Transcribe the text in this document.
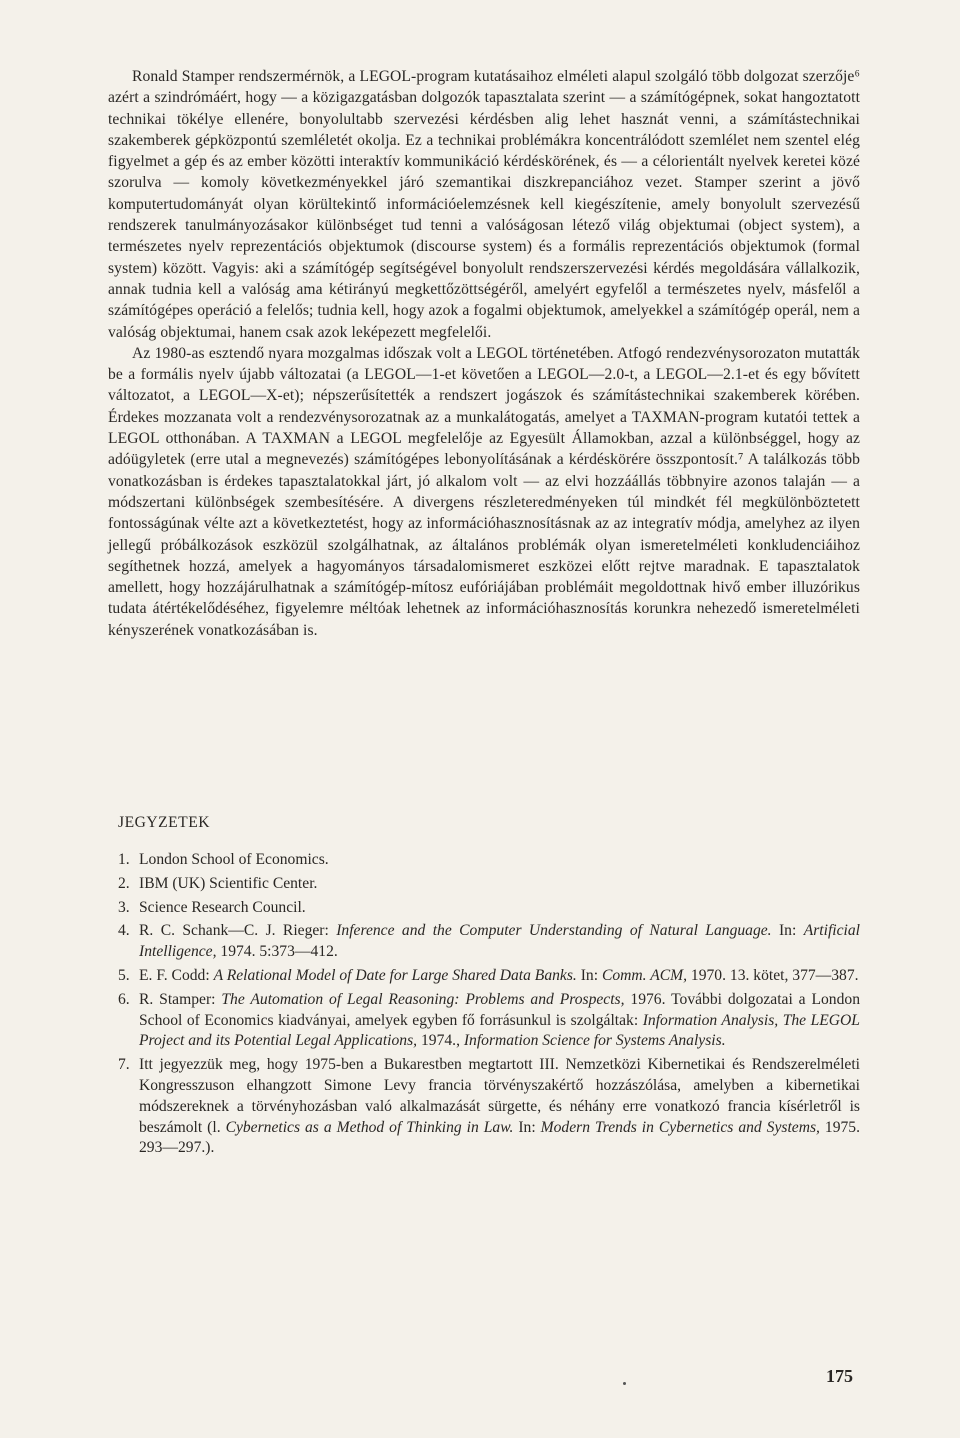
Ronald Stamper rendszermérnök, a LEGOL-program kutatásaihoz elméleti alapul szolgáló több dolgozat szerzője⁶ azért a szindrómáért, hogy — a közigazgatásban dolgozók tapasztalata szerint — a számítógépnek, sokat hangoztatott technikai tökélye ellenére, bonyolultabb szervezési kérdésben alig lehet hasznát venni, a számítástechnikai szakemberek gépközpontú szemléletét okolja. Ez a technikai problémákra koncentrálódott szemlélet nem szentel elég figyelmet a gép és az ember közötti interaktív kommunikáció kérdéskörének, és — a célorientált nyelvek keretei közé szorulva — komoly következményekkel járó szemantikai diszkrepanciához vezet. Stamper szerint a jövő komputertudományát olyan körültekintő információelemzésnek kell kiegészítenie, amely bonyolult szervezésű rendszerek tanulmányozásakor különbséget tud tenni a valóságosan létező világ objektumai (object system), a természetes nyelv reprezentációs objektumok (discourse system) és a formális reprezentációs objektumok (formal system) között. Vagyis: aki a számítógép segítségével bonyolult rendszerszervezési kérdés megoldására vállalkozik, annak tudnia kell a valóság ama kétirányú megkettőzöttségéről, amelyért egyfelől a természetes nyelv, másfelől a számítógépes operáció a felelős; tudnia kell, hogy azok a fogalmi objektumok, amelyekkel a számítógép operál, nem a valóság objektumai, hanem csak azok leképezett megfelelői.

Az 1980-as esztendő nyara mozgalmas időszak volt a LEGOL történetében. Atfogó rendezvénysorozaton mutatták be a formális nyelv újabb változatai (a LEGOL—1-et követően a LEGOL—2.0-t, a LEGOL—2.1-et és egy bővített változatot, a LEGOL—X-et); népszerűsítették a rendszert jogászok és számítástechnikai szakemberek körében. Érdekes mozzanata volt a rendezvénysorozatnak az a munkalátogatás, amelyet a TAXMAN-program kutatói tettek a LEGOL otthonában. A TAXMAN a LEGOL megfelelője az Egyesült Államokban, azzal a különbséggel, hogy az adóügyletek (erre utal a megnevezés) számítógépes lebonyolításának a kérdéskörére összpontosít.⁷ A találkozás több vonatkozásban is érdekes tapasztalatokkal járt, jó alkalom volt — az elvi hozzáállás többnyire azonos talaján — a módszertani különbségek szembesítésére. A divergens részleteredményeken túl mindkét fél megkülönböztetett fontosságúnak vélte azt a következtetést, hogy az információhasznosításnak az az integratív módja, amelyhez az ilyen jellegű próbálkozások eszközül szolgálhatnak, az általános problémák olyan ismeretelméleti konkludenciáihoz segíthetnek hozzá, amelyek a hagyományos társadalomismeret eszközei előtt rejtve maradnak. E tapasztalatok amellett, hogy hozzájárulhatnak a számítógép-mítosz eufóriájában problémáit megoldottnak hivő ember illuzórikus tudata átértékelődéséhez, figyelemre méltóak lehetnek az információhasznosítás korunkra nehezedő ismeretelméleti kényszerének vonatkozásában is.

JEGYZETEK
1. London School of Economics.
2. IBM (UK) Scientific Center.
3. Science Research Council.
4. R. C. Schank—C. J. Rieger: Inference and the Computer Understanding of Natural Language. In: Artificial Intelligence, 1974. 5:373—412.
5. E. F. Codd: A Relational Model of Date for Large Shared Data Banks. In: Comm. ACM, 1970. 13. kötet, 377—387.
6. R. Stamper: The Automation of Legal Reasoning: Problems and Prospects, 1976. További dolgozatai a London School of Economics kiadványai, amelyek egyben fő forrásunkul is szolgáltak: Information Analysis, The LEGOL Project and its Potential Legal Applications, 1974., Information Science for Systems Analysis.
7. Itt jegyezzük meg, hogy 1975-ben a Bukarestben megtartott III. Nemzetközi Kibernetikai és Rendszerelméleti Kongresszuson elhangzott Simone Levy francia törvényszakértő hozzászólása, amelyben a kibernetikai módszereknek a törvényhozásban való alkalmazását sürgette, és néhány erre vonatkozó francia kísérletről is beszámolt (l. Cybernetics as a Method of Thinking in Law. In: Modern Trends in Cybernetics and Systems, 1975. 293—297.).
175
